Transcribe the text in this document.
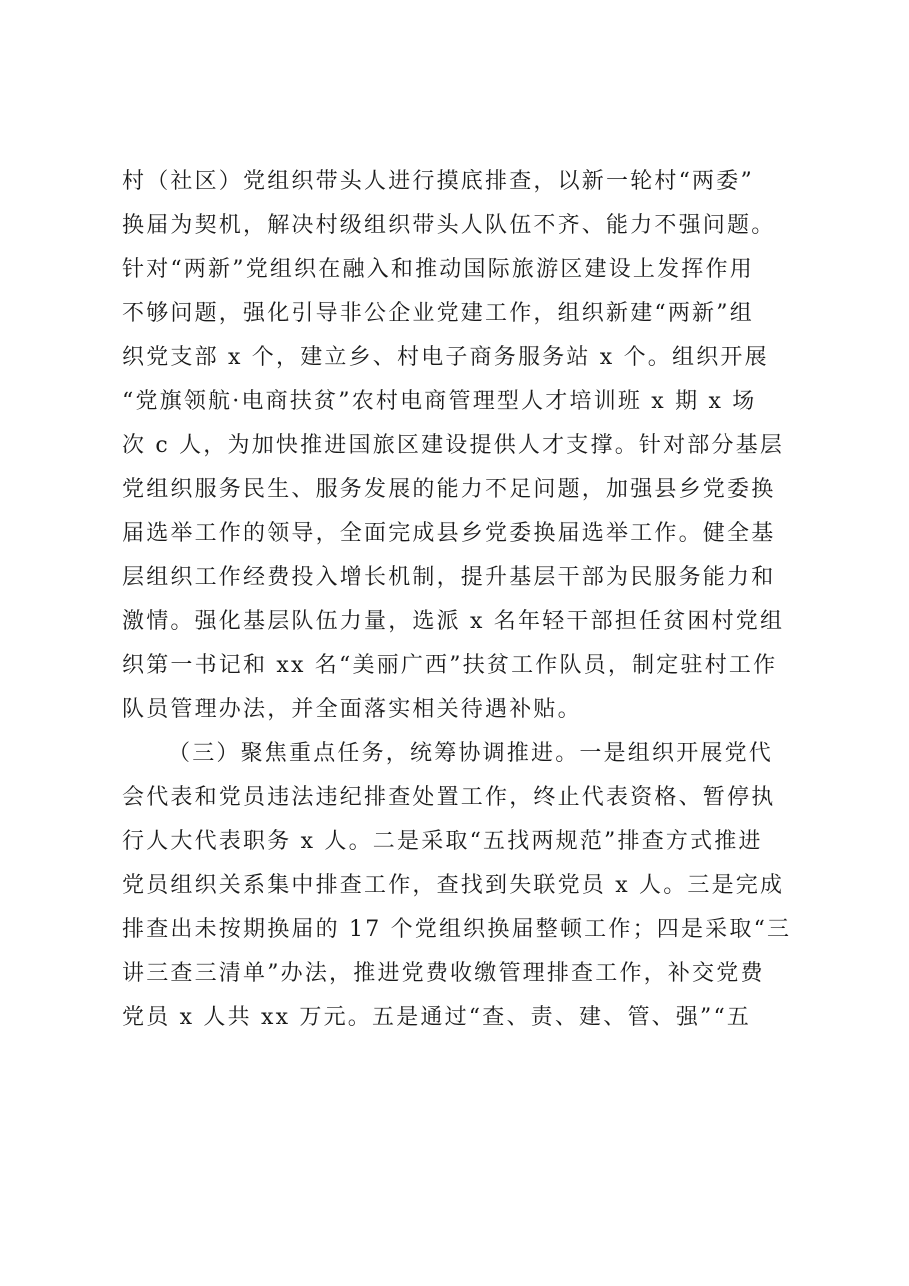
村（社区）党组织带头人进行摸底排查，以新一轮村“两委”
换届为契机，解决村级组织带头人队伍不齐、能力不强问题。
针对“两新”党组织在融入和推动国际旅游区建设上发挥作用
不够问题，强化引导非公企业党建工作，组织新建“两新”组
织党支部 x 个，建立乡、村电子商务服务站 x 个。组织开展
“党旗领航·电商扶贫”农村电商管理型人才培训班 x 期 x 场
次 c 人，为加快推进国旅区建设提供人才支撑。针对部分基层
党组织服务民生、服务发展的能力不足问题，加强县乡党委换
届选举工作的领导，全面完成县乡党委换届选举工作。健全基
层组织工作经费投入增长机制，提升基层干部为民服务能力和
激情。强化基层队伍力量，选派 x 名年轻干部担任贫困村党组
织第一书记和 xx 名“美丽广西”扶贫工作队员，制定驻村工作
队员管理办法，并全面落实相关待遇补贴。
（三）聚焦重点任务，统筹协调推进。一是组织开展党代
会代表和党员违法违纪排查处置工作，终止代表资格、暂停执
行人大代表职务 x 人。二是采取“五找两规范”排查方式推进
党员组织关系集中排查工作，查找到失联党员 x 人。三是完成
排查出未按期换届的 17 个党组织换届整顿工作；四是采取“三
讲三查三清单”办法，推进党费收缴管理排查工作，补交党费
党员 x 人共 xx 万元。五是通过“查、责、建、管、强”“五
